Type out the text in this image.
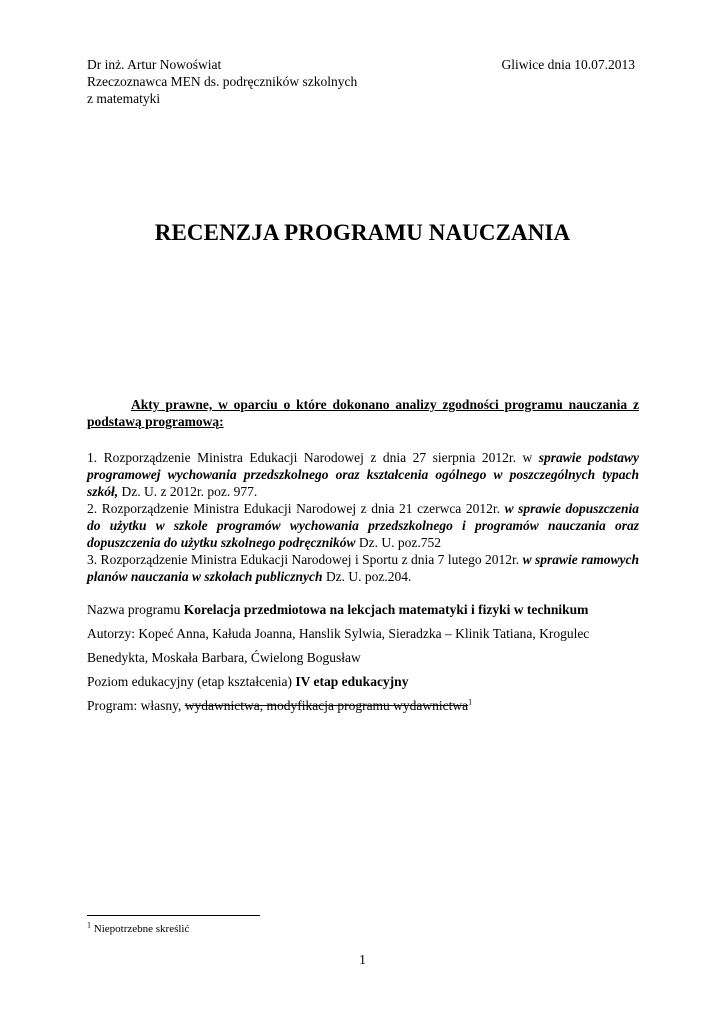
Dr inż. Artur Nowoświat
Rzeczoznawca MEN ds. podręczników szkolnych
z matematyki
Gliwice dnia 10.07.2013
RECENZJA PROGRAMU NAUCZANIA
Akty prawne, w oparciu o które dokonano analizy zgodności programu nauczania z podstawą programową:

1. Rozporządzenie Ministra Edukacji Narodowej z dnia 27 sierpnia 2012r. w sprawie podstawy programowej wychowania przedszkolnego oraz kształcenia ogólnego w poszczególnych typach szkół, Dz. U. z 2012r. poz. 977.

2. Rozporządzenie Ministra Edukacji Narodowej z dnia 21 czerwca 2012r. w sprawie dopuszczenia do użytku w szkole programów wychowania przedszkolnego i programów nauczania oraz dopuszczenia do użytku szkolnego podręczników Dz. U. poz.752

3. Rozporządzenie Ministra Edukacji Narodowej i Sportu z dnia 7 lutego 2012r. w sprawie ramowych planów nauczania w szkołach publicznych Dz. U. poz.204.

Nazwa programu Korelacja przedmiotowa na lekcjach matematyki i fizyki w technikum

Autorzy: Kopeć Anna, Kałuda Joanna, Hanslik Sylwia, Sieradzka – Klinik Tatiana, Krogulec

Benedykta, Moskała Barbara, Ćwielong Bogusław

Poziom edukacyjny (etap kształcenia) IV etap edukacyjny

Program: własny, wydawnictwa, modyfikacja programu wydawnictwa$^1$

$^1$ Niepotrzebne skreślić
1
